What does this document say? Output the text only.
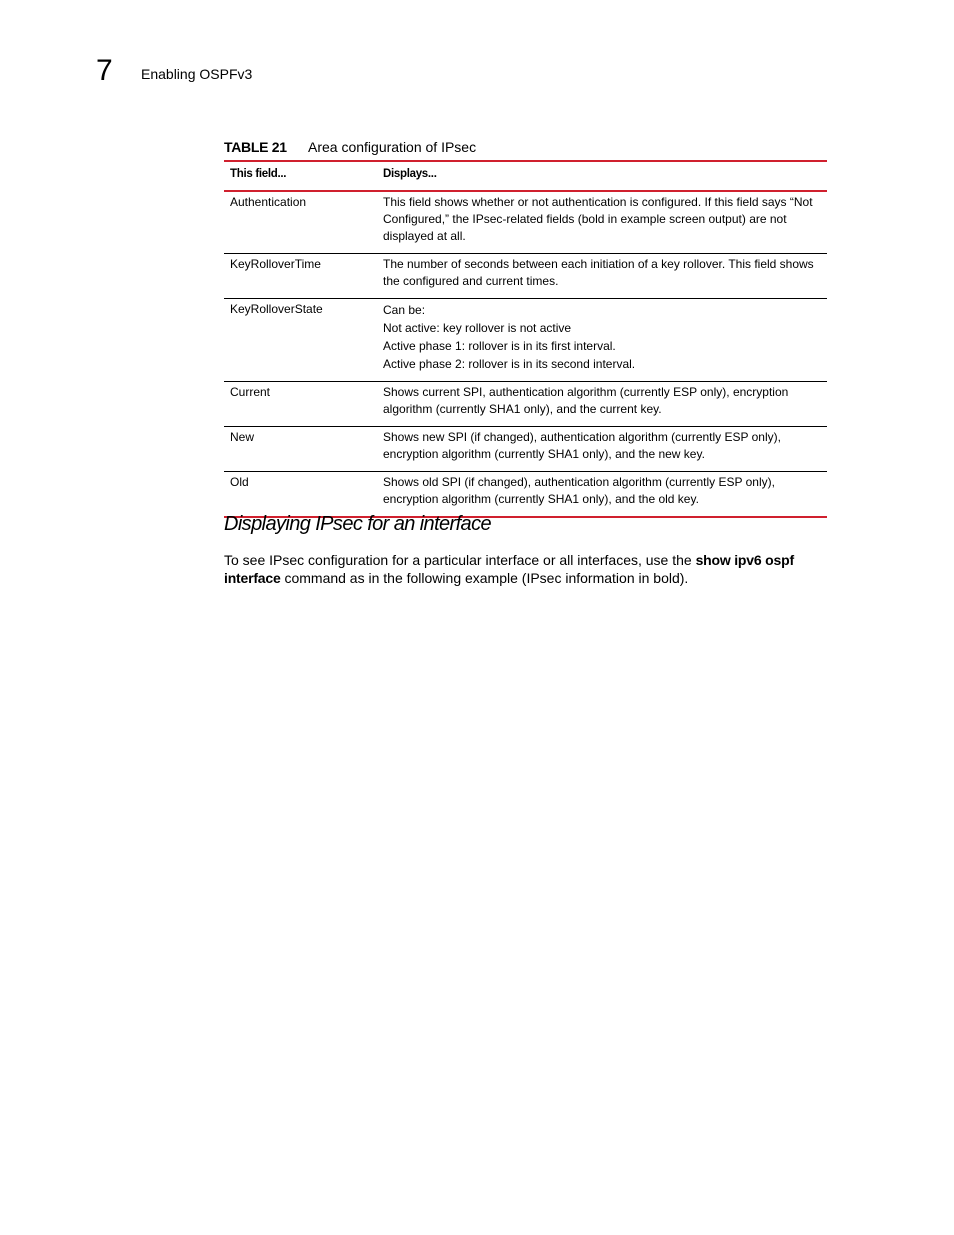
7 Enabling OSPFv3
TABLE 21 Area configuration of IPsec
This field...	Displays...
Authentication	This field shows whether or not authentication is configured. If this field says “Not Configured,” the IPsec-related fields (bold in example screen output) are not displayed at all.
KeyRolloverTime	The number of seconds between each initiation of a key rollover. This field shows the configured and current times.
KeyRolloverState	Can be:
Not active: key rollover is not active
Active phase 1: rollover is in its first interval.
Active phase 2: rollover is in its second interval.

Current	Shows current SPI, authentication algorithm (currently ESP only), encryption algorithm (currently SHA1 only), and the current key.
New	Shows new SPI (if changed), authentication algorithm (currently ESP only), encryption algorithm (currently SHA1 only), and the new key.
Old	Shows old SPI (if changed), authentication algorithm (currently ESP only), encryption algorithm (currently SHA1 only), and the old key.
Displaying IPsec for an interface

To see IPsec configuration for a particular interface or all interfaces, use the show ipv6 ospf interface command as in the following example (IPsec information in bold).
